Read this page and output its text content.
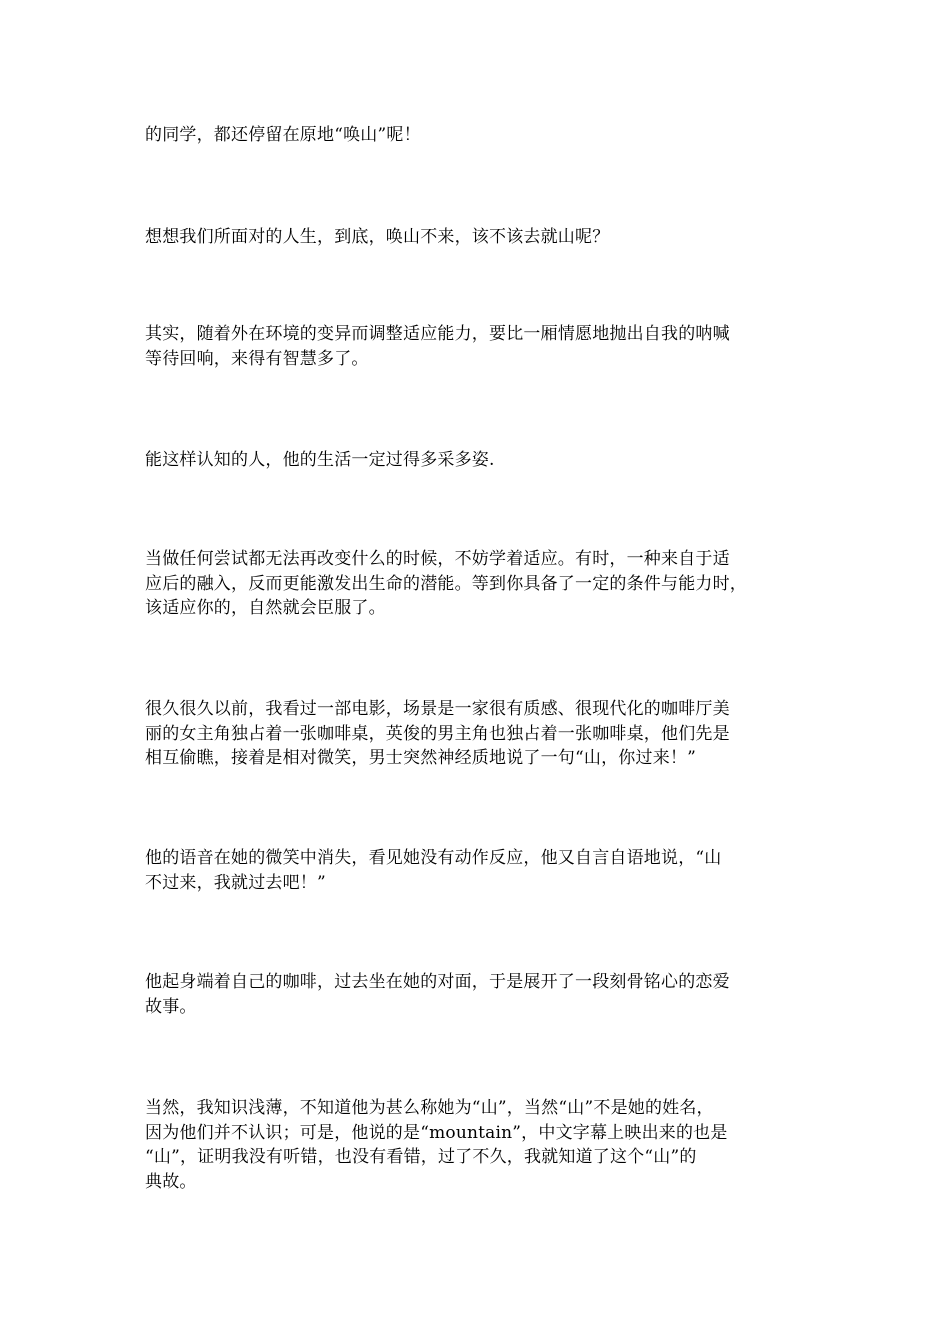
的同学，都还停留在原地“唤山”呢！
想想我们所面对的人生，到底，唤山不来，该不该去就山呢？
其实，随着外在环境的变异而调整适应能力，要比一厢情愿地抛出自我的呐喊
等待回响，来得有智慧多了。
能这样认知的人，他的生活一定过得多采多姿.
当做任何尝试都无法再改变什么的时候，不妨学着适应。有时，一种来自于适
应后的融入，反而更能激发出生命的潜能。等到你具备了一定的条件与能力时，
该适应你的，自然就会臣服了。
很久很久以前，我看过一部电影，场景是一家很有质感、很现代化的咖啡厅美
丽的女主角独占着一张咖啡桌，英俊的男主角也独占着一张咖啡桌，他们先是
相互偷瞧，接着是相对微笑，男士突然神经质地说了一句“山，你过来！”
他的语音在她的微笑中消失，看见她没有动作反应，他又自言自语地说，“山
不过来，我就过去吧！”
他起身端着自己的咖啡，过去坐在她的对面，于是展开了一段刻骨铭心的恋爱
故事。
当然，我知识浅薄，不知道他为甚么称她为“山”，当然“山”不是她的姓名，
因为他们并不认识；可是，他说的是“mountain”，中文字幕上映出来的也是
“山”，证明我没有听错，也没有看错，过了不久，我就知道了这个“山”的
典故。
